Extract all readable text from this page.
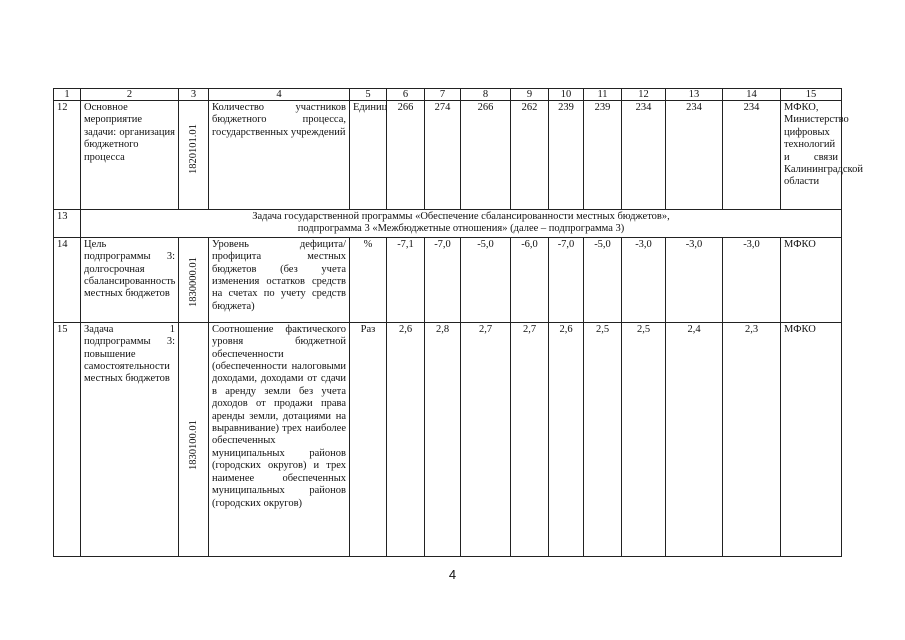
1	2	3	4	5	6	7	8	9	10	11	12	13	14	15
12	Основное мероприятие задачи: организация бюджетного процесса	1820101.01	Количество участников бюджетного процесса, государственных учреждений	Единиц	266	274	266	262	239	239	234	234	234	МФКО, Министерство цифровых технологий и связи Калининградской области
13	Задача государственной программы «Обеспечение сбалансированности местных бюджетов»,
подпрограмма 3 «Межбюджетные отношения» (далее – подпрограмма 3)													

14	Цель подпрограммы 3: долгосрочная сбалансированность местных бюджетов	1830000.01	Уровень дефицита/ профицита местных бюджетов (без учета изменения остатков средств на счетах по учету средств бюджета)	%	-7,1	-7,0	-5,0	-6,0	-7,0	-5,0	-3,0	-3,0	-3,0	МФКО
15	Задача 1 подпрограммы 3: повышение самостоятельности местных бюджетов	1830100.01	Соотношение фактического уровня бюджетной обеспеченности (обеспеченности налоговыми доходами, доходами от сдачи в аренду земли без учета доходов от продажи права аренды земли, дотациями на выравнивание) трех наиболее обеспеченных муниципальных районов (городских округов) и трех наименее обеспеченных муниципальных районов (городских округов)	Раз	2,6	2,8	2,7	2,7	2,6	2,5	2,5	2,4	2,3	МФКО
4
